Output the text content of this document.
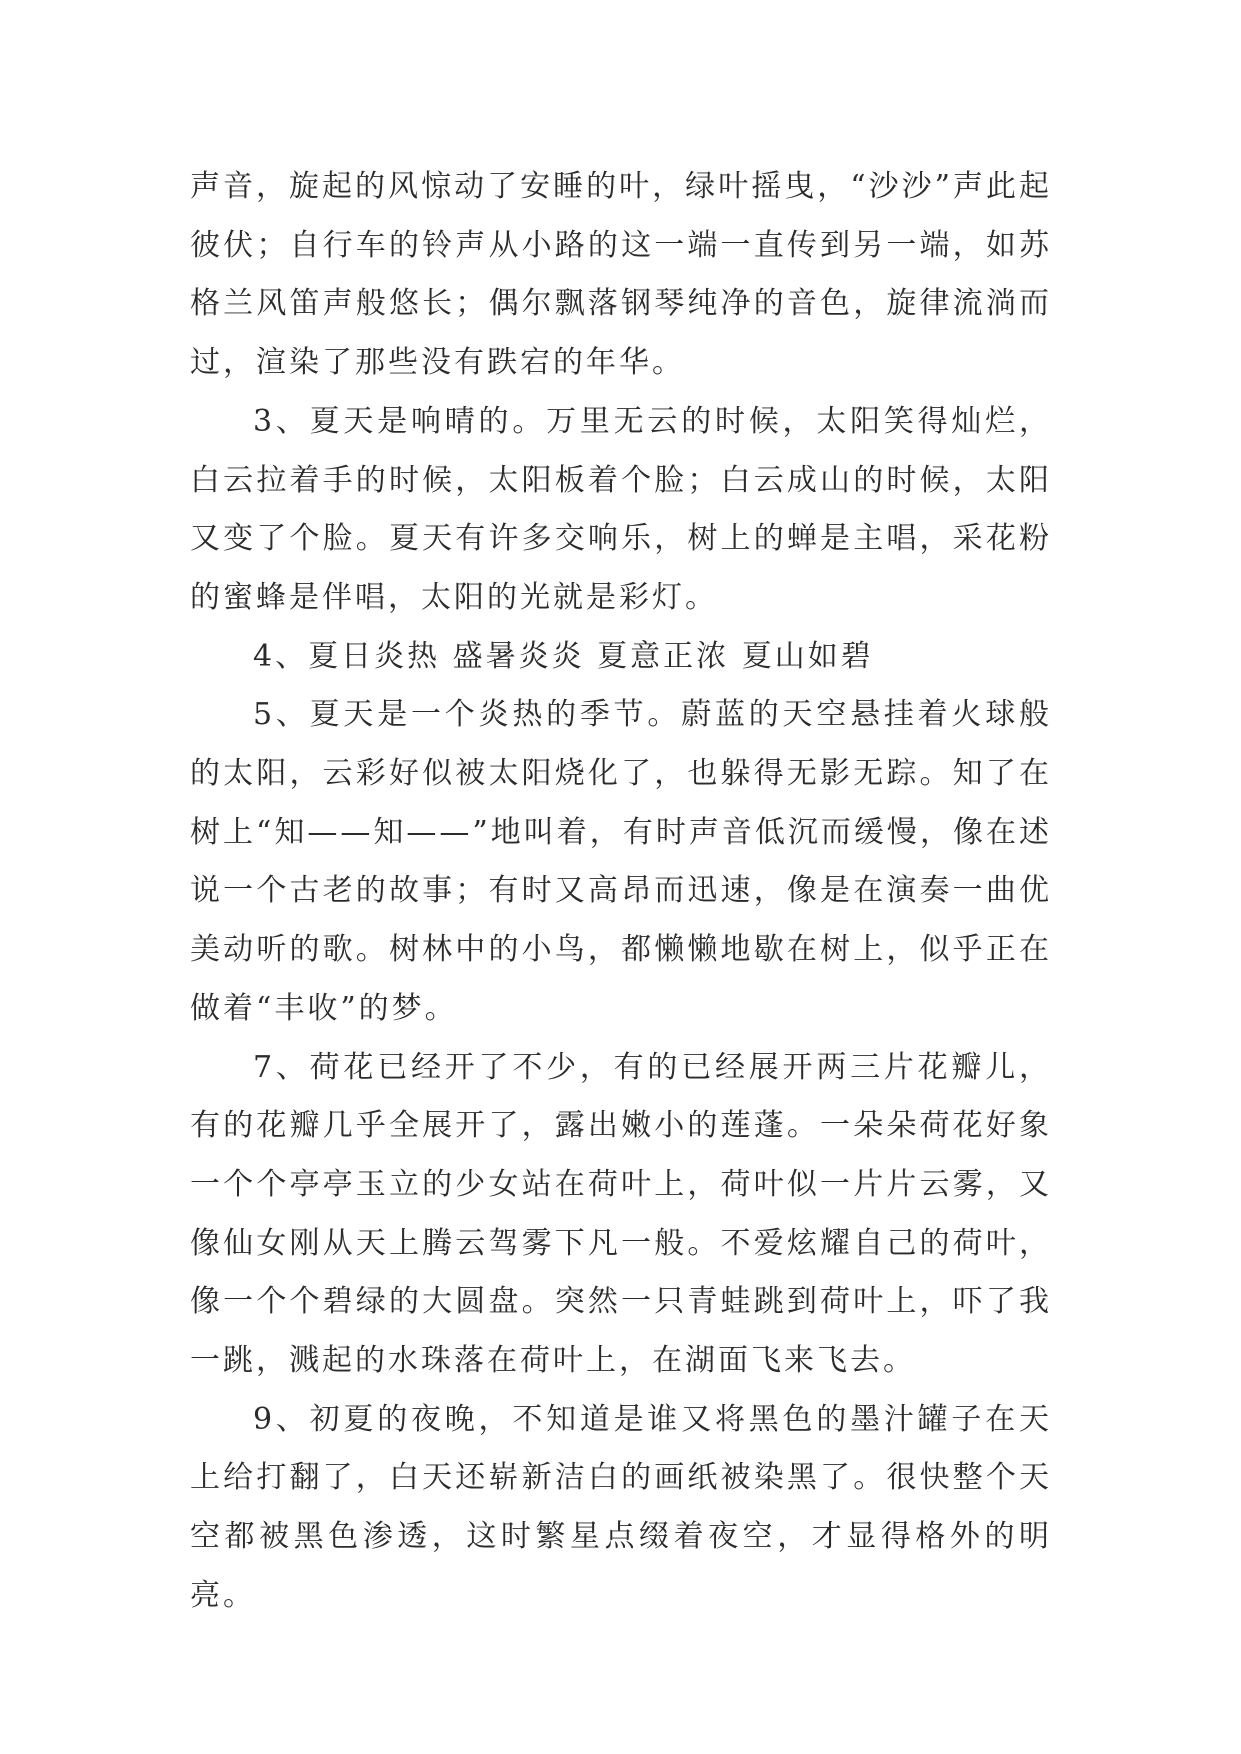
声音，旋起的风惊动了安睡的叶，绿叶摇曳，“沙沙”声此起彼伏；自行车的铃声从小路的这一端一直传到另一端，如苏格兰风笛声般悠长；偶尔飘落钢琴纯净的音色，旋律流淌而过，渲染了那些没有跌宕的年华。

3、夏天是响晴的。万里无云的时候，太阳笑得灿烂，白云拉着手的时候，太阳板着个脸；白云成山的时候，太阳又变了个脸。夏天有许多交响乐，树上的蝉是主唱，采花粉的蜜蜂是伴唱，太阳的光就是彩灯。

4、夏日炎热 盛暑炎炎 夏意正浓 夏山如碧

5、夏天是一个炎热的季节。蔚蓝的天空悬挂着火球般的太阳，云彩好似被太阳烧化了，也躲得无影无踪。知了在树上“知——知——”地叫着，有时声音低沉而缓慢，像在述说一个古老的故事；有时又高昂而迅速，像是在演奏一曲优美动听的歌。树林中的小鸟，都懒懒地歇在树上，似乎正在做着“丰收”的梦。

7、荷花已经开了不少，有的已经展开两三片花瓣儿，有的花瓣几乎全展开了，露出嫩小的莲蓬。一朵朵荷花好象一个个亭亭玉立的少女站在荷叶上，荷叶似一片片云雾，又像仙女刚从天上腾云驾雾下凡一般。不爱炫耀自己的荷叶，像一个个碧绿的大圆盘。突然一只青蛙跳到荷叶上，吓了我一跳，溅起的水珠落在荷叶上，在湖面飞来飞去。

9、初夏的夜晚，不知道是谁又将黑色的墨汁罐子在天上给打翻了，白天还崭新洁白的画纸被染黑了。很快整个天空都被黑色渗透，这时繁星点缀着夜空，才显得格外的明亮。
